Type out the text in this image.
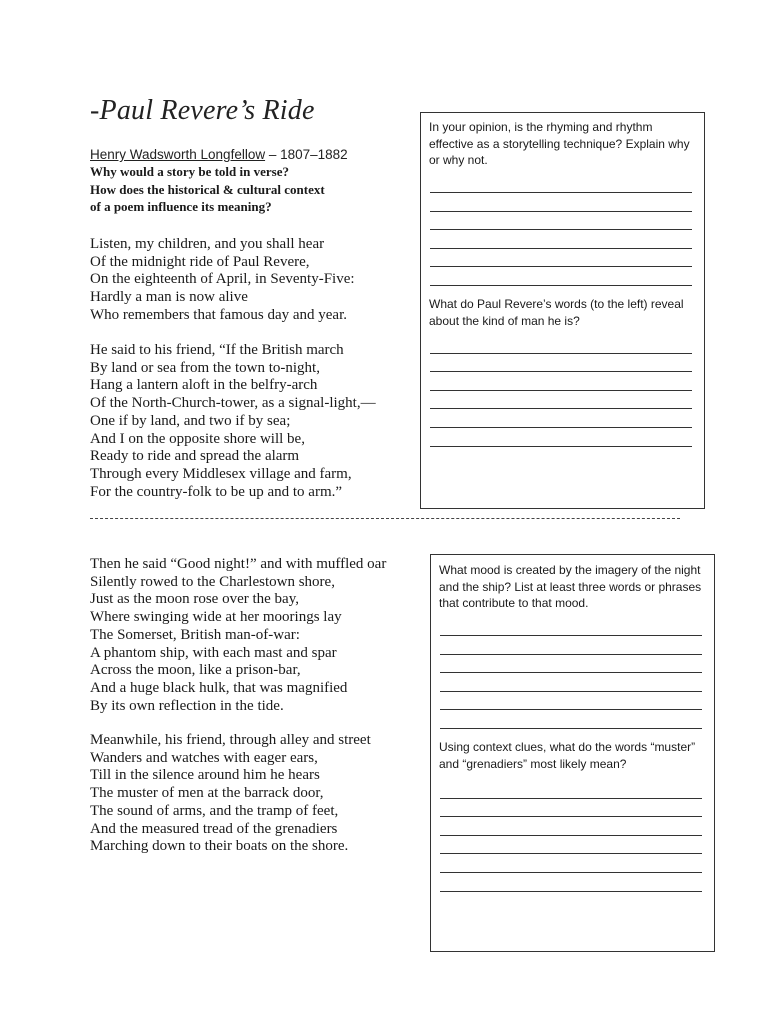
-Paul Revere’s Ride
Henry Wadsworth Longfellow – 1807–1882
Why would a story be told in verse?
How does the historical & cultural context
of a poem influence its meaning?
Listen, my children, and you shall hear
Of the midnight ride of Paul Revere,
On the eighteenth of April, in Seventy-Five:
Hardly a man is now alive
Who remembers that famous day and year.
He said to his friend, “If the British march
By land or sea from the town to-night,
Hang a lantern aloft in the belfry-arch
Of the North-Church-tower, as a signal-light,—
One if by land, and two if by sea;
And I on the opposite shore will be,
Ready to ride and spread the alarm
Through every Middlesex village and farm,
For the country-folk to be up and to arm.”
In your opinion, is the rhyming and rhythm effective as a storytelling technique? Explain why or why not.
What do Paul Revere’s words (to the left) reveal about the kind of man he is?
Then he said “Good night!” and with muffled oar
Silently rowed to the Charlestown shore,
Just as the moon rose over the bay,
Where swinging wide at her moorings lay
The Somerset, British man-of-war:
A phantom ship, with each mast and spar
Across the moon, like a prison-bar,
And a huge black hulk, that was magnified
By its own reflection in the tide.
Meanwhile, his friend, through alley and street
Wanders and watches with eager ears,
Till in the silence around him he hears
The muster of men at the barrack door,
The sound of arms, and the tramp of feet,
And the measured tread of the grenadiers
Marching down to their boats on the shore.
What mood is created by the imagery of the night and the ship? List at least three words or phrases that contribute to that mood.
Using context clues, what do the words “muster” and “grenadiers” most likely mean?
